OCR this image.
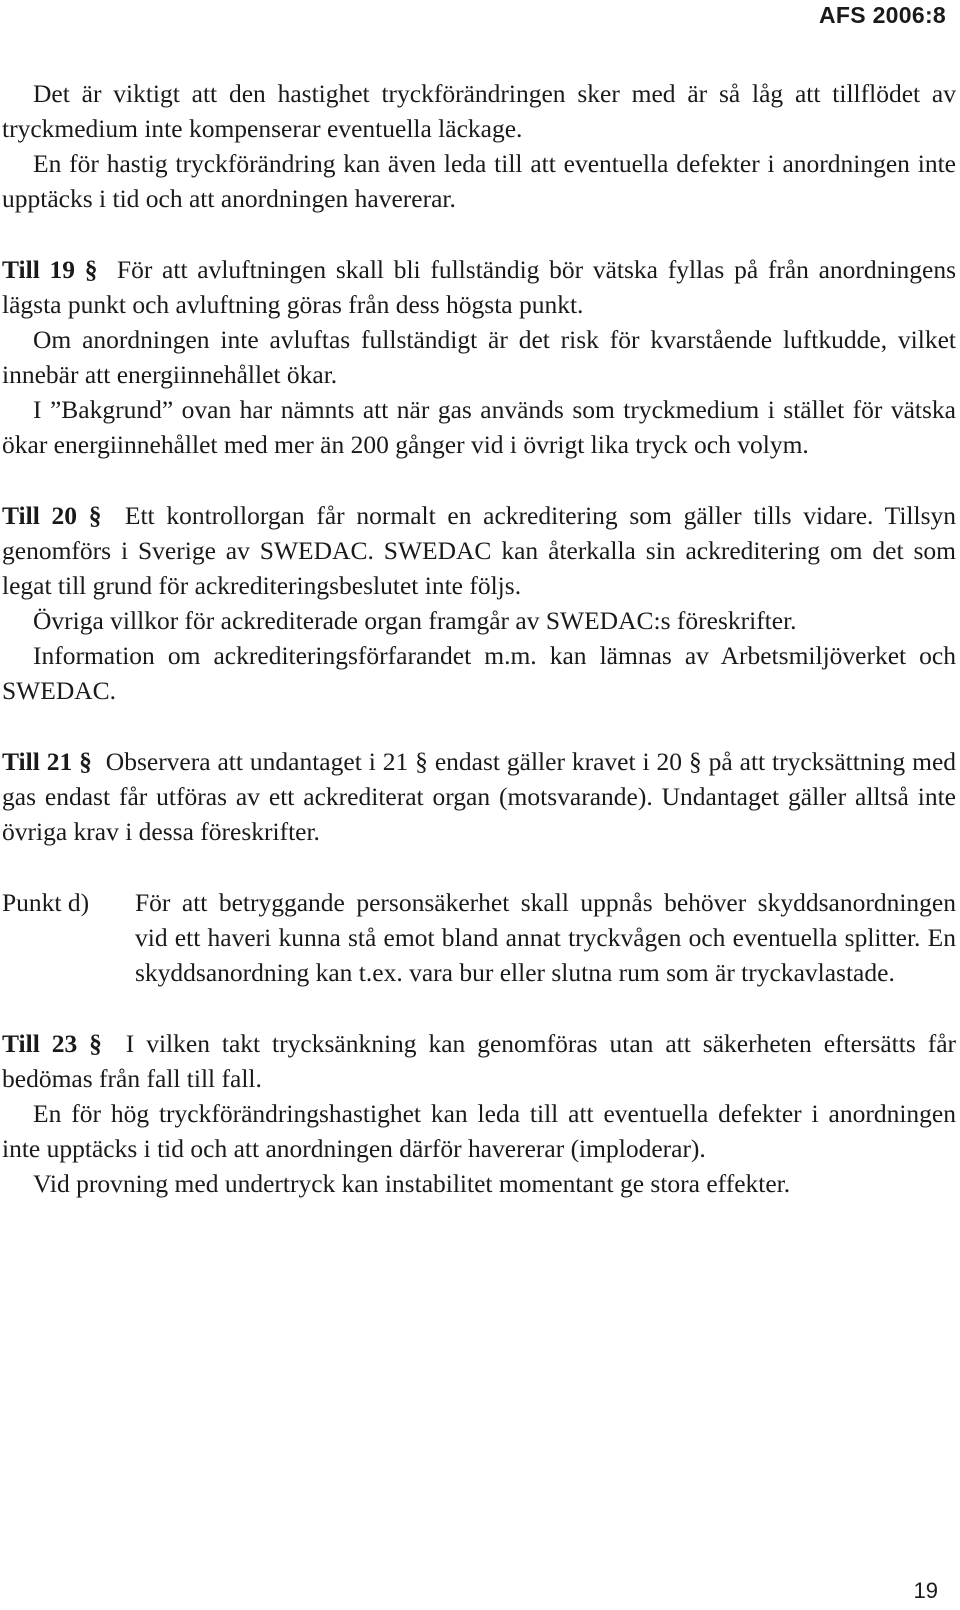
AFS 2006:8

Det är viktigt att den hastighet tryckförändringen sker med är så låg att tillflödet av tryckmedium inte kompenserar eventuella läckage.

En för hastig tryckförändring kan även leda till att eventuella defekter i anordningen inte upptäcks i tid och att anordningen havererar.

Till 19 § För att avluftningen skall bli fullständig bör vätska fyllas på från anordningens lägsta punkt och avluftning göras från dess högsta punkt.

Om anordningen inte avluftas fullständigt är det risk för kvarstående luftkudde, vilket innebär att energiinnehållet ökar.

I ”Bakgrund” ovan har nämnts att när gas används som tryckmedium i stället för vätska ökar energiinnehållet med mer än 200 gånger vid i övrigt lika tryck och volym.

Till 20 § Ett kontrollorgan får normalt en ackreditering som gäller tills vidare. Tillsyn genomförs i Sverige av SWEDAC. SWEDAC kan återkalla sin ackreditering om det som legat till grund för ackrediteringsbeslutet inte följs.

Övriga villkor för ackrediterade organ framgår av SWEDAC:s föreskrifter.

Information om ackrediteringsförfarandet m.m. kan lämnas av Arbetsmiljöverket och SWEDAC.

Till 21 § Observera att undantaget i 21 § endast gäller kravet i 20 § på att trycksättning med gas endast får utföras av ett ackrediterat organ (motsvarande). Undantaget gäller alltså inte övriga krav i dessa föreskrifter.

Punkt d)	För att betryggande personsäkerhet skall uppnås behöver skyddsanordningen vid ett haveri kunna stå emot bland annat tryckvågen och eventuella splitter. En skyddsanordning kan t.ex. vara bur eller slutna rum som är tryckavlastade.

Till 23 § I vilken takt trycksänkning kan genomföras utan att säkerheten eftersätts får bedömas från fall till fall.

En för hög tryckförändringshastighet kan leda till att eventuella defekter i anordningen inte upptäcks i tid och att anordningen därför havererar (imploderar).

Vid provning med undertryck kan instabilitet momentant ge stora effekter.

19
